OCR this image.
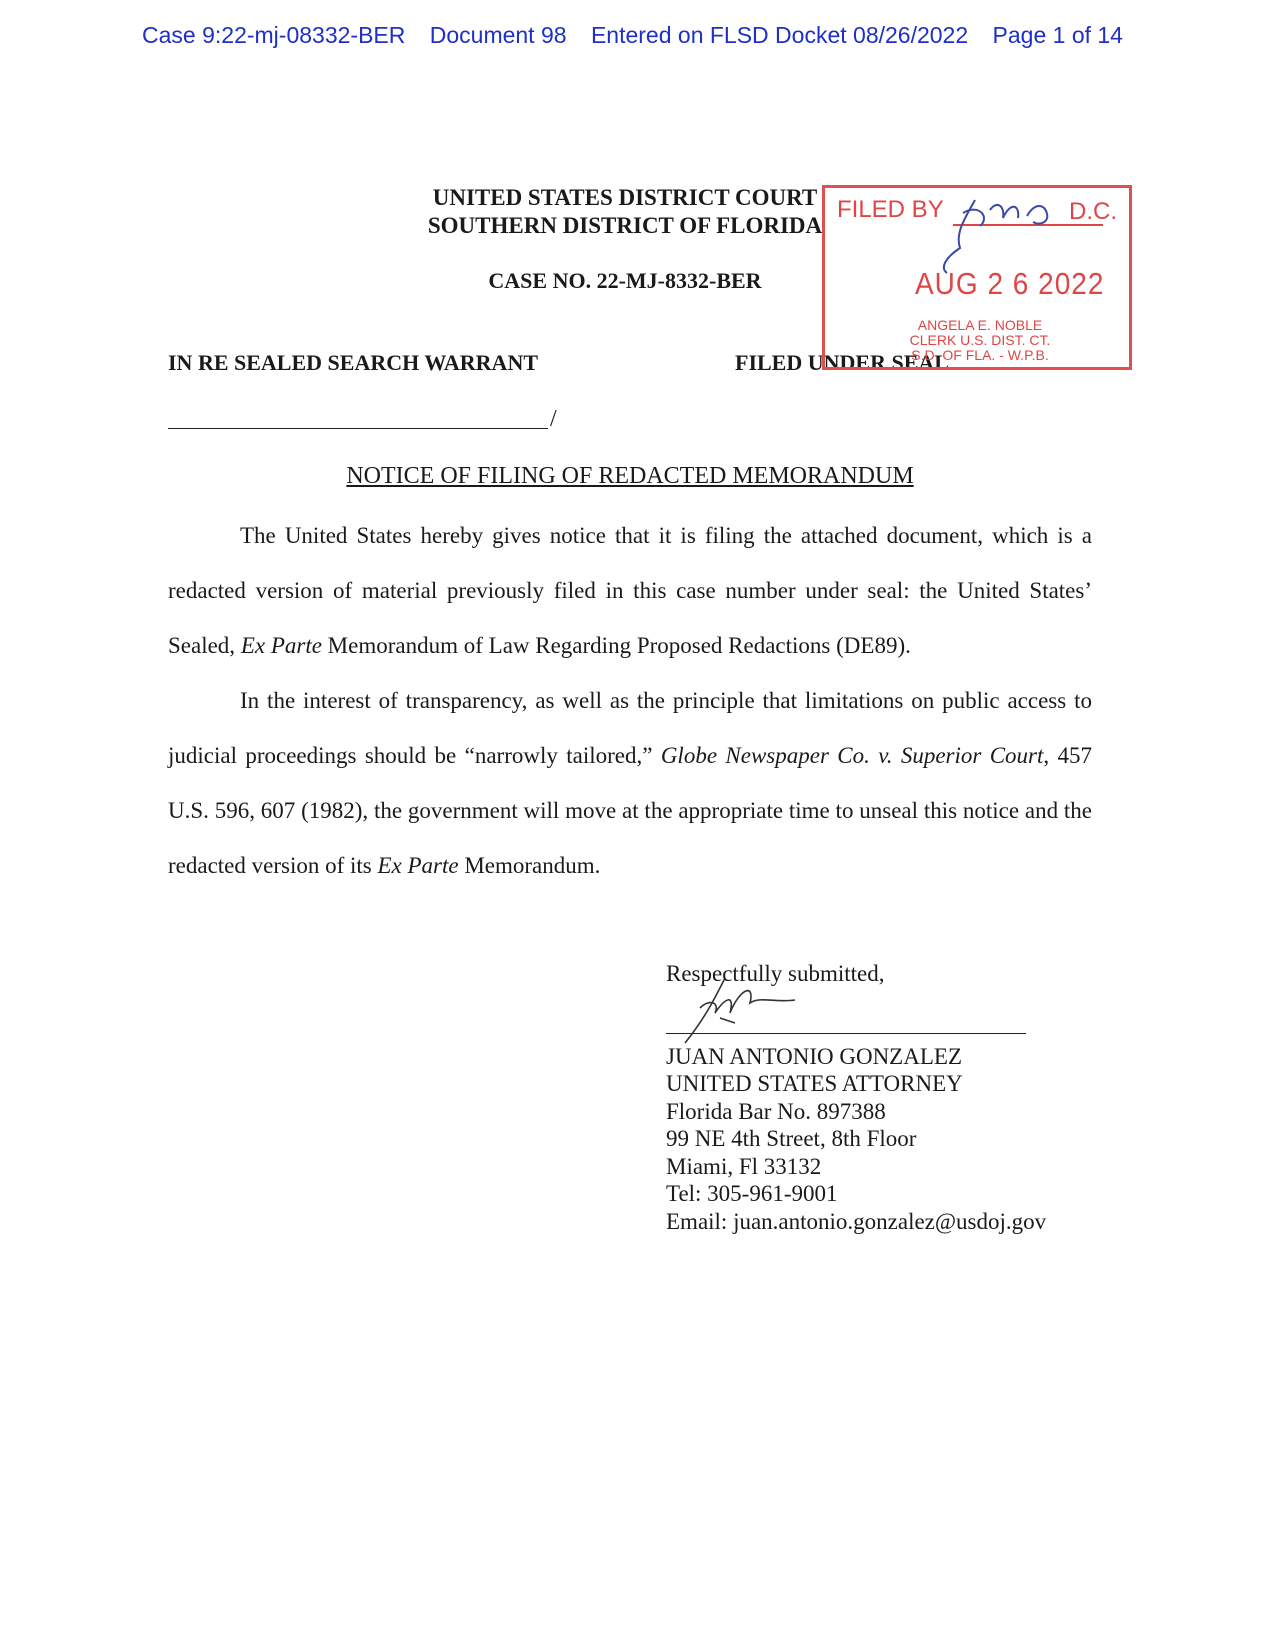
Case 9:22-mj-08332-BER Document 98 Entered on FLSD Docket 08/26/2022 Page 1 of 14
UNITED STATES DISTRICT COURT
SOUTHERN DISTRICT OF FLORIDA
CASE NO. 22-MJ-8332-BER
IN RE SEALED SEARCH WARRANT	FILED UNDER SEAL
/
FILED BY	D.C.
AUG 2 6 2022
ANGELA E. NOBLE
CLERK U.S. DIST. CT.
S.D. OF FLA. - W.P.B.
NOTICE OF FILING OF REDACTED MEMORANDUM

The United States hereby gives notice that it is filing the attached document, which is a redacted version of material previously filed in this case number under seal: the United States’ Sealed, Ex Parte Memorandum of Law Regarding Proposed Redactions (DE89).

In the interest of transparency, as well as the principle that limitations on public access to judicial proceedings should be “narrowly tailored,” Globe Newspaper Co. v. Superior Court, 457 U.S. 596, 607 (1982), the government will move at the appropriate time to unseal this notice and the redacted version of its Ex Parte Memorandum.

Respectfully submitted,
JUAN ANTONIO GONZALEZ
UNITED STATES ATTORNEY
Florida Bar No. 897388
99 NE 4th Street, 8th Floor
Miami, Fl 33132
Tel: 305-961-9001
Email: juan.antonio.gonzalez@usdoj.gov
